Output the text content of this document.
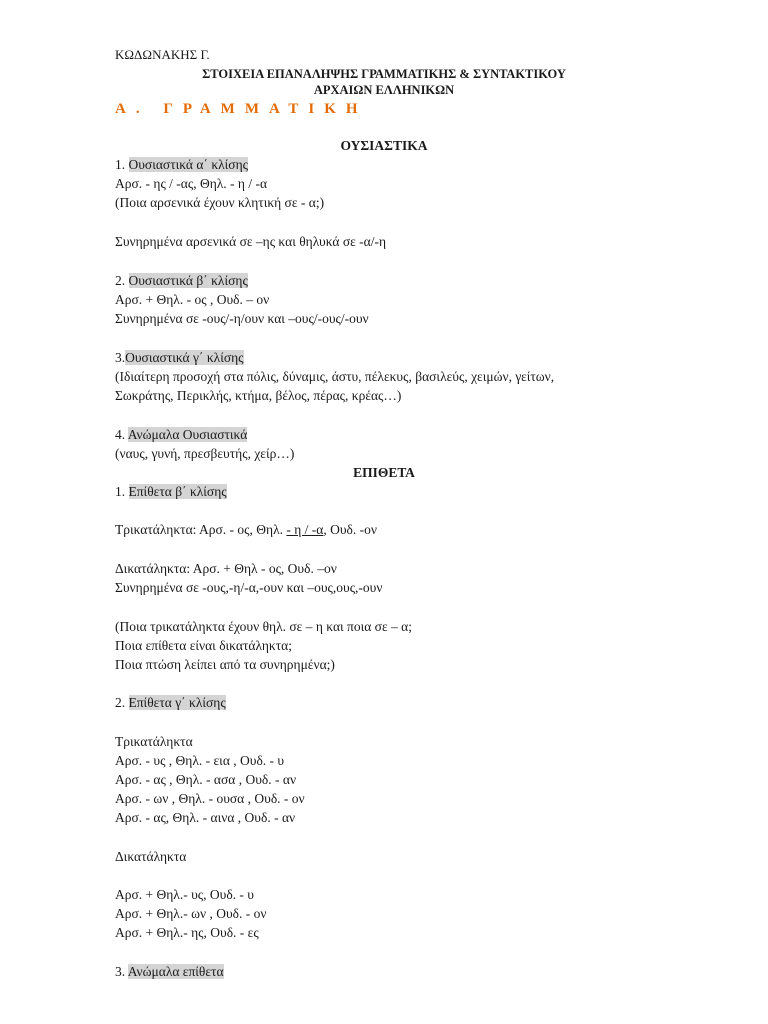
ΚΩΔΩΝΑΚΗΣ Γ.
ΣΤΟΙΧΕΙΑ ΕΠΑΝΑΛΗΨΗΣ ΓΡΑΜΜΑΤΙΚΗΣ & ΣΥΝΤΑΚΤΙΚΟΥ
ΑΡΧΑΙΩΝ ΕΛΛΗΝΙΚΩΝ
Α. ΓΡΑΜΜΑΤΙΚΗ
ΟΥΣΙΑΣΤΙΚΑ
1. Ουσιαστικά α΄ κλίσης
Αρσ. - ης / -ας, Θηλ. - η / -α
(Ποια αρσενικά έχουν κλητική σε - α;)
Συνηρημένα αρσενικά σε –ης και θηλυκά σε -α/-η
2. Ουσιαστικά β΄ κλίσης
Αρσ. + Θηλ. - ος , Ουδ. – ον
Συνηρημένα σε -ους/-η/ουν και –ους/-ους/-ουν
3.Ουσιαστικά γ΄ κλίσης
(Ιδιαίτερη προσοχή στα πόλις, δύναμις, άστυ, πέλεκυς, βασιλεύς, χειμών, γείτων,
Σωκράτης, Περικλής, κτήμα, βέλος, πέρας, κρέας…)
4. Ανώμαλα Ουσιαστικά
(ναυς, γυνή, πρεσβευτής, χείρ…)
ΕΠΙΘΕΤΑ
1. Επίθετα β΄ κλίσης
Τρικατάληκτα: Αρσ. - ος, Θηλ. - η / -α, Ουδ. -ον
Δικατάληκτα: Αρσ. + Θηλ - ος, Ουδ. –ον
Συνηρημένα σε -ους,-η/-α,-ουν και –ους,ους,-ουν
(Ποια τρικατάληκτα έχουν θηλ. σε – η και ποια σε – α;
Ποια επίθετα είναι δικατάληκτα;
Ποια πτώση λείπει από τα συνηρημένα;)
2. Επίθετα γ΄ κλίσης
Τρικατάληκτα
Αρσ. - υς , Θηλ. - εια , Ουδ. - υ
Αρσ. - ας , Θηλ. - ασα , Ουδ. - αν
Αρσ. - ων , Θηλ. - ουσα , Ουδ. - ον
Αρσ. - ας, Θηλ. - αινα , Ουδ. - αν
Δικατάληκτα
Αρσ. + Θηλ.- υς, Ουδ. - υ
Αρσ. + Θηλ.- ων , Ουδ. - ον
Αρσ. + Θηλ.- ης, Ουδ. - ες
3. Ανώμαλα επίθετα
